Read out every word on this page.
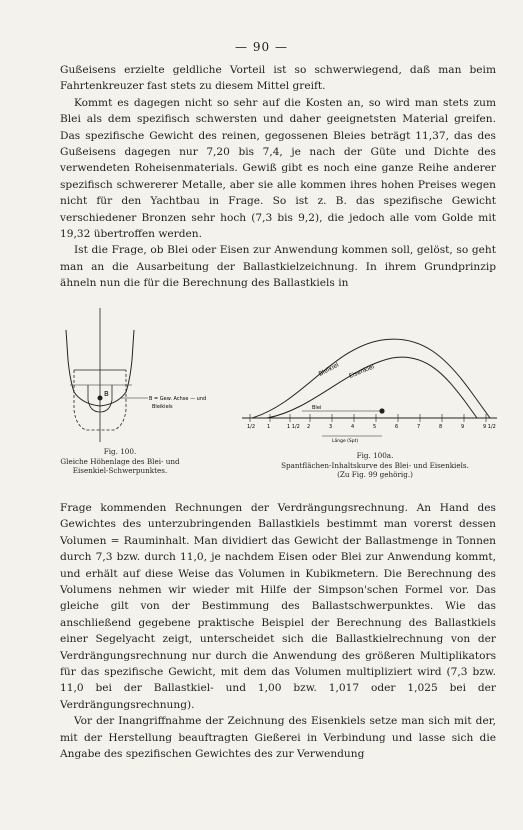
— 90 —

Gußeisens erzielte geldliche Vorteil ist so schwerwiegend, daß man beim Fahrtenkreuzer fast stets zu diesem Mittel greift.

Kommt es dagegen nicht so sehr auf die Kosten an, so wird man stets zum Blei als dem spezifisch schwersten und daher geeignetsten Material greifen. Das spezifische Gewicht des reinen, gegossenen Bleies beträgt 11,37, das des Gußeisens dagegen nur 7,20 bis 7,4, je nach der Güte und Dichte des verwendeten Roheisenmaterials. Gewiß gibt es noch eine ganze Reihe anderer spezifisch schwererer Metalle, aber sie alle kommen ihres hohen Preises wegen nicht für den Yachtbau in Frage. So ist z. B. das spezifische Gewicht verschiedener Bronzen sehr hoch (7,3 bis 9,2), die jedoch alle vom Golde mit 19,32 übertroffen werden.

Ist die Frage, ob Blei oder Eisen zur Anwendung kommen soll, gelöst, so geht man an die Ausarbeitung der Ballastkielzeichnung. In ihrem Grundprinzip ähneln nun die für die Berechnung des Ballastkiels in

B
B = Gew. Achse — und
Bleikiels
Fig. 100.
Gleiche Höhenlage des Blei- und
Eisenkiel-Schwerpunktes.
Bleikiel Eisenkiel
Blei
1/2 1	1 1/2 2	3	4	5	6	7	8	9	9 1/2
Länge (Spt)
Fig. 100a.
Spantflächen-Inhaltskurve des Blei- und Eisenkiels.
(Zu Fig. 99 gehörig.)

Frage kommenden Rechnungen der Verdrängungsrechnung. An Hand des Gewichtes des unterzubringenden Ballastkiels bestimmt man vorerst dessen Volumen = Rauminhalt. Man dividiert das Gewicht der Ballastmenge in Tonnen durch 7,3 bzw. durch 11,0, je nachdem Eisen oder Blei zur Anwendung kommt, und erhält auf diese Weise das Volumen in Kubikmetern. Die Berechnung des Volumens nehmen wir wieder mit Hilfe der Simpson'schen Formel vor. Das gleiche gilt von der Bestimmung des Ballastschwerpunktes. Wie das anschließend gegebene praktische Beispiel der Berechnung des Ballastkiels einer Segelyacht zeigt, unterscheidet sich die Ballastkielrechnung von der Verdrängungsrechnung nur durch die Anwendung des größeren Multiplikators für das spezifische Gewicht, mit dem das Volumen multipliziert wird (7,3 bzw. 11,0 bei der Ballastkiel- und 1,00 bzw. 1,017 oder 1,025 bei der Verdrängungsrechnung).

Vor der Inangriffnahme der Zeichnung des Eisenkiels setze man sich mit der, mit der Herstellung beauftragten Gießerei in Verbindung und lasse sich die Angabe des spezifischen Gewichtes des zur Verwendung
